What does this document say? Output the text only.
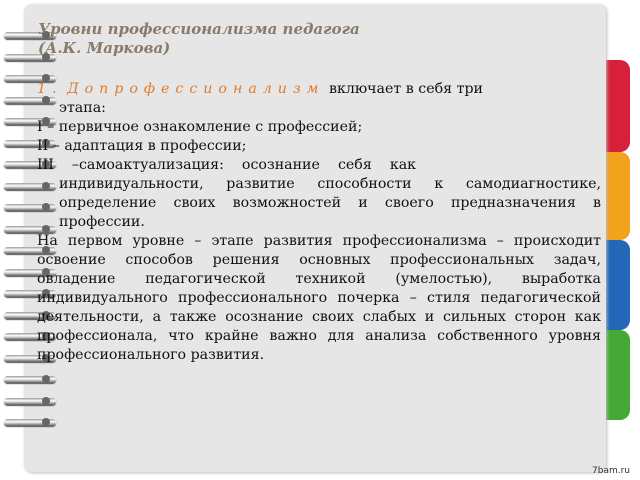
Уровни профессионализма педагога
(А.К. Маркова)

1. Допрофессионализм включает в себя три

этапа:

I – первичное ознакомление с профессией;

II – адаптация в профессии;

III    –самоактуализация:    осознание    себя    как

индивидуальности, развитие способности к самодиагностике, определение своих возможностей и своего предназначения в профессии.

На первом уровне – этапе развития профессионализма – происходит освоение способов решения основных профессиональных задач, овладение педагогической техникой (умелостью), выработка индивидуального профессионального почерка – стиля педагогической деятельности, а также осознание своих слабых и сильных сторон как профессионала, что крайне важно для анализа собственного уровня профессионального развития.

7bam.ru
